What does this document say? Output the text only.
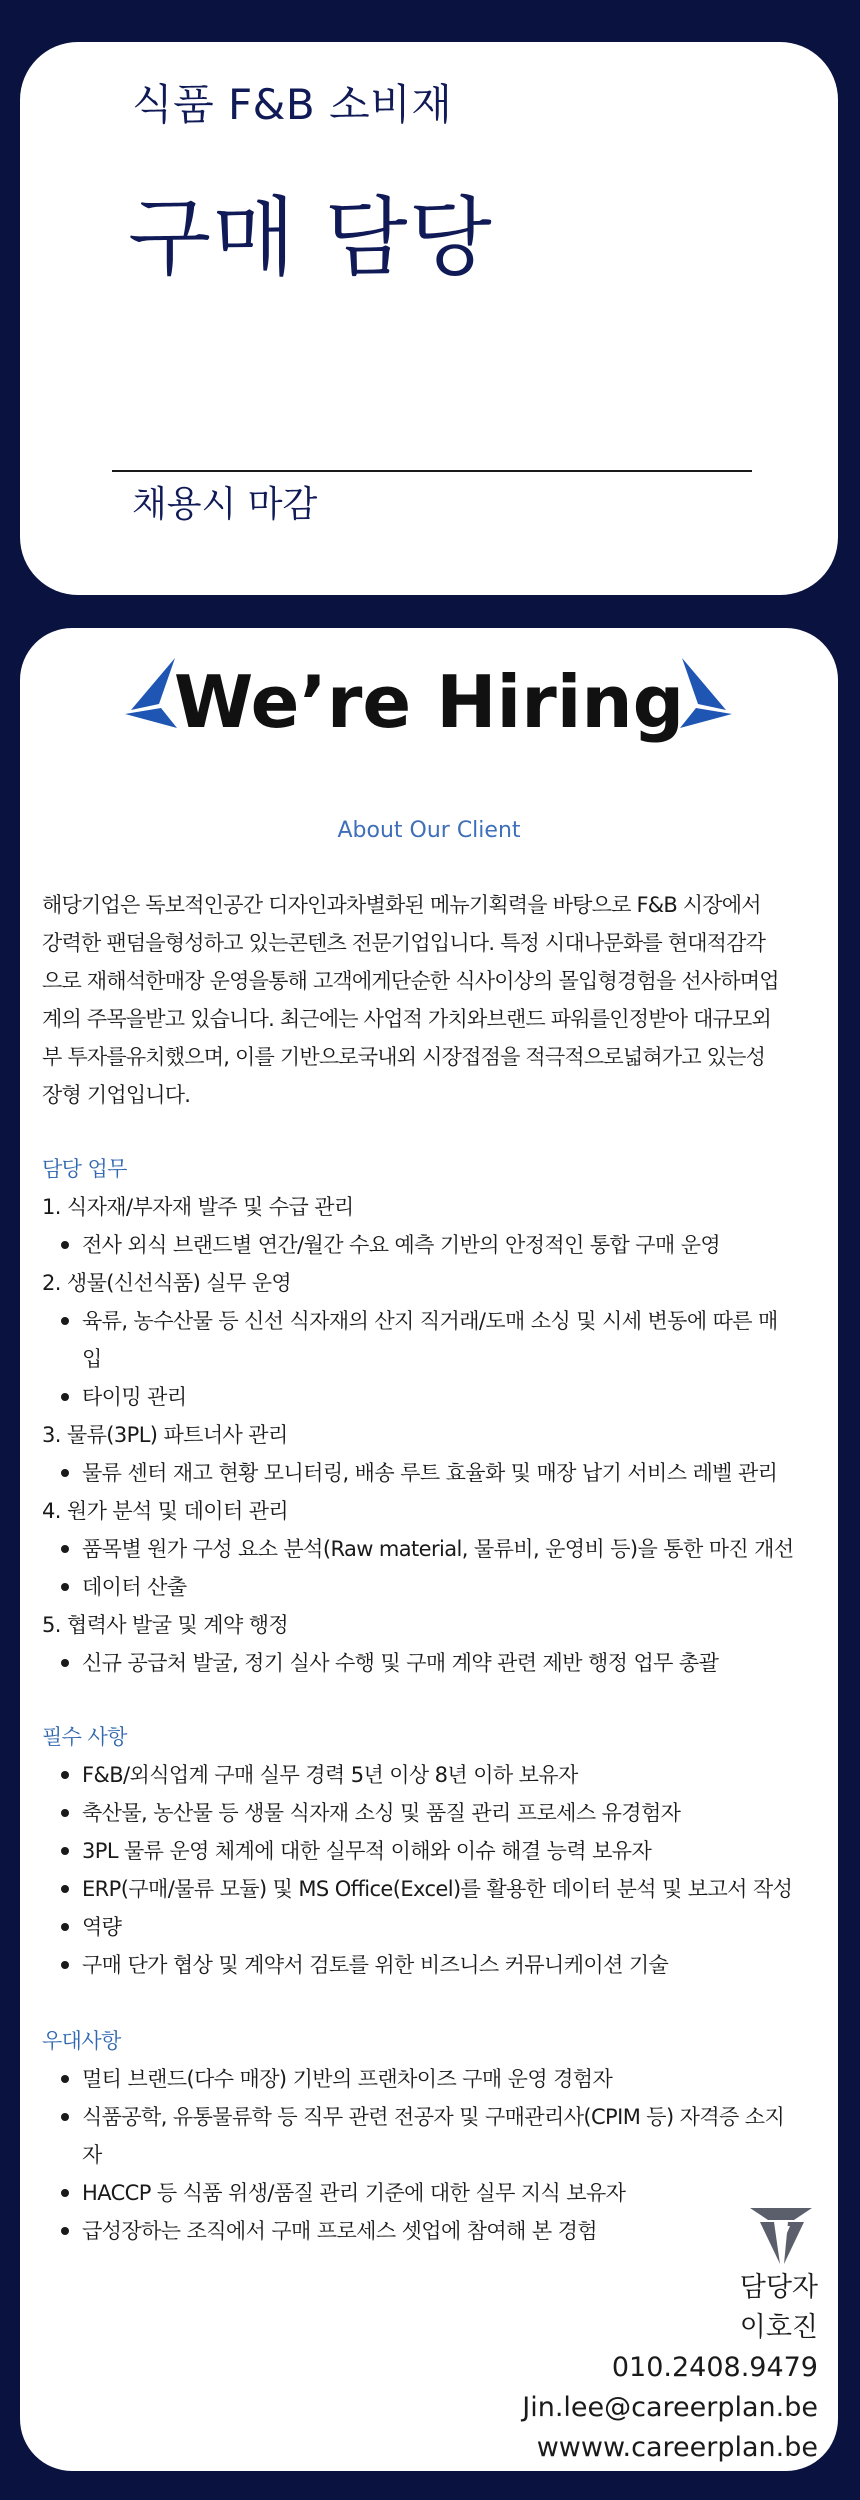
식품 F&B 소비재
구매 담당
채용시 마감
We’re Hiring
About Our Client
해당기업은 독보적인공간 디자인과차별화된 메뉴기획력을 바탕으로 F&B 시장에서
강력한 팬덤을형성하고 있는콘텐츠 전문기업입니다. 특정 시대나문화를 현대적감각
으로 재해석한매장 운영을통해 고객에게단순한 식사이상의 몰입형경험을 선사하며업
계의 주목을받고 있습니다. 최근에는 사업적 가치와브랜드 파워를인정받아 대규모외
부 투자를유치했으며, 이를 기반으로국내외 시장접점을 적극적으로넓혀가고 있는성
장형 기업입니다.
담당 업무
1. 식자재/부자재 발주 및 수급 관리
전사 외식 브랜드별 연간/월간 수요 예측 기반의 안정적인 통합 구매 운영
2. 생물(신선식품) 실무 운영
육류, 농수산물 등 신선 식자재의 산지 직거래/도매 소싱 및 시세 변동에 따른 매
입
타이밍 관리
3. 물류(3PL) 파트너사 관리
물류 센터 재고 현황 모니터링, 배송 루트 효율화 및 매장 납기 서비스 레벨 관리
4. 원가 분석 및 데이터 관리
품목별 원가 구성 요소 분석(Raw material, 물류비, 운영비 등)을 통한 마진 개선
데이터 산출
5. 협력사 발굴 및 계약 행정
신규 공급처 발굴, 정기 실사 수행 및 구매 계약 관련 제반 행정 업무 총괄
필수 사항
F&B/외식업계 구매 실무 경력 5년 이상 8년 이하 보유자
축산물, 농산물 등 생물 식자재 소싱 및 품질 관리 프로세스 유경험자
3PL 물류 운영 체계에 대한 실무적 이해와 이슈 해결 능력 보유자
ERP(구매/물류 모듈) 및 MS Office(Excel)를 활용한 데이터 분석 및 보고서 작성
역량
구매 단가 협상 및 계약서 검토를 위한 비즈니스 커뮤니케이션 기술
우대사항
멀티 브랜드(다수 매장) 기반의 프랜차이즈 구매 운영 경험자
식품공학, 유통물류학 등 직무 관련 전공자 및 구매관리사(CPIM 등) 자격증 소지
자
HACCP 등 식품 위생/품질 관리 기준에 대한 실무 지식 보유자
급성장하는 조직에서 구매 프로세스 셋업에 참여해 본 경험
담당자
이호진
010.2408.9479
Jin.lee@careerplan.be
wwww.careerplan.be
